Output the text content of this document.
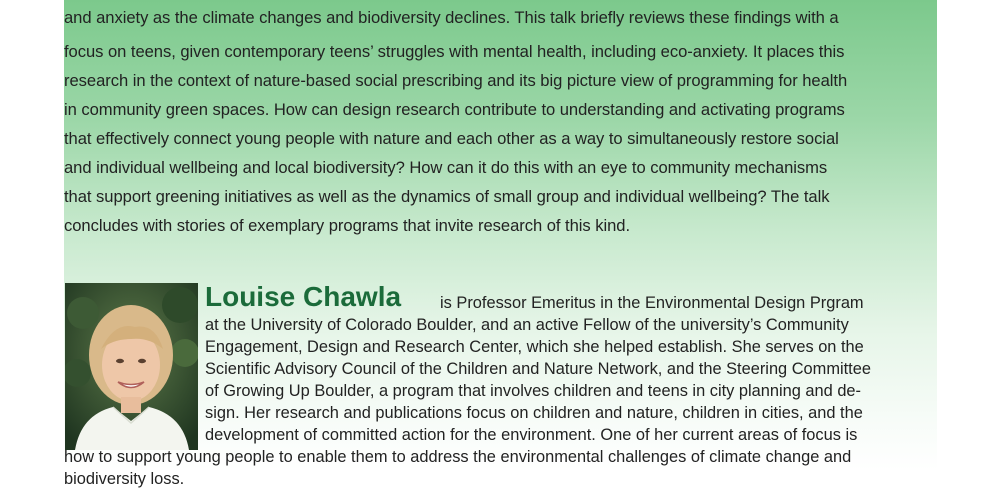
and anxiety as the climate changes and biodiversity declines. This talk briefly reviews these findings with a
focus on teens, given contemporary teens’ struggles with mental health, including eco-anxiety. It places this
research in the context of nature-based social prescribing and its big picture view of programming for health
in community green spaces. How can design research contribute to understanding and activating programs
that effectively connect young people with nature and each other as a way to simultaneously restore social
and individual wellbeing and local biodiversity? How can it do this with an eye to community mechanisms
that support greening initiatives as well as the dynamics of small group and individual wellbeing? The talk
concludes with stories of exemplary programs that invite research of this kind.
Louise Chawla is Professor Emeritus in the Environmental Design Prgram
at the University of Colorado Boulder, and an active Fellow of the university’s Community
Engagement, Design and Research Center, which she helped establish. She serves on the
Scientific Advisory Council of the Children and Nature Network, and the Steering Committee
of Growing Up Boulder, a program that involves children and teens in city planning and de-
sign. Her research and publications focus on children and nature, children in cities, and the
development of committed action for the environment. One of her current areas of focus is
how to support young people to enable them to address the environmental challenges of climate change and
biodiversity loss.
